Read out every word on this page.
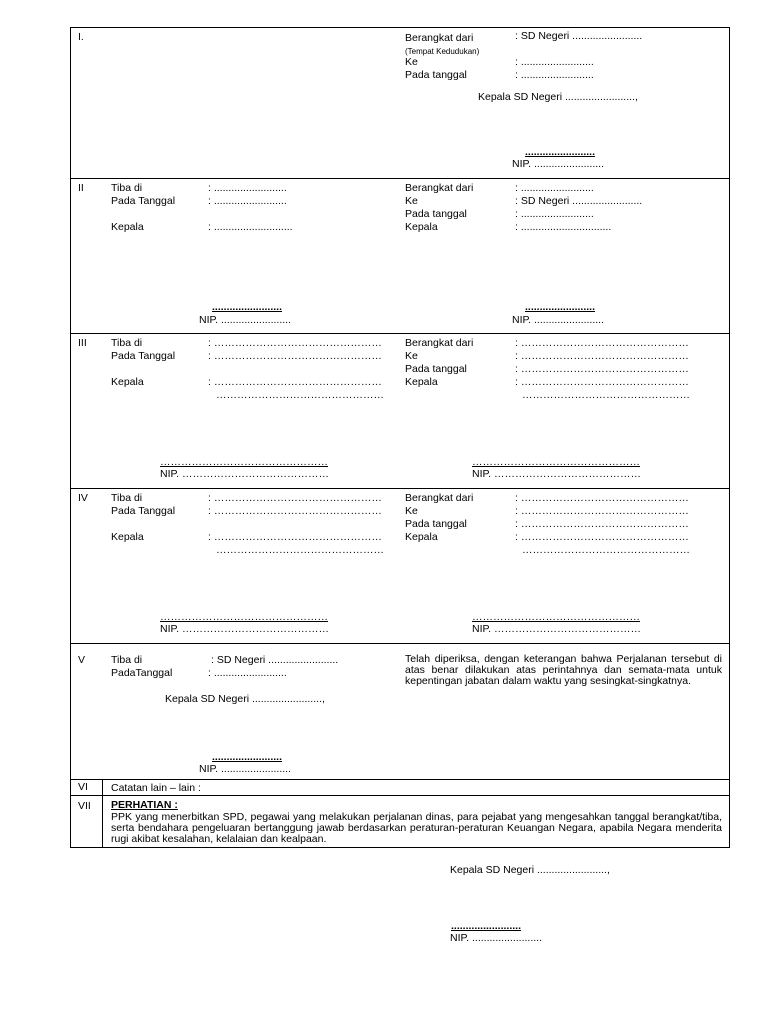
I.	Berangkat dari	: SD Negeri ........................
(Tempat Kedudukan)
Ke	: .........................
Pada tanggal	: .........................
Kepala SD Negeri ........................,
........................
NIP. ........................
II	Tiba di	: .........................
Pada Tanggal	: .........................
Kepala	: ...........................
Berangkat dari	: .........................
Ke	: SD Negeri ........................
Pada tanggal	: .........................
Kepala	: ...............................
........................
NIP. ........................
........................
NIP. ........................
III Tiba di	: …………………………………………
Pada Tanggal	: …………………………………………
Kepala	: …………………………………………
…………………………………………
Berangkat dari	: …………………………………………
Ke	: …………………………………………
Pada tanggal	: …………………………………………
Kepala	: …………………………………………
…………………………………………
…………………………………………
NIP. ……………………………………
…………………………………………
NIP. ……………………………………
IV Tiba di	: …………………………………………
Pada Tanggal	: …………………………………………
Kepala	: …………………………………………
…………………………………………
Berangkat dari	: …………………………………………
Ke	: …………………………………………
Pada tanggal	: …………………………………………
Kepala	: …………………………………………
…………………………………………
…………………………………………
NIP. ……………………………………
…………………………………………
NIP. ……………………………………
V Tiba di	: SD Negeri ........................
PadaTanggal	: .........................
Kepala SD Negeri ........................,
Telah diperiksa, dengan keterangan bahwa Perjalanan tersebut di atas benar dilakukan atas perintahnya dan semata-mata untuk kepentingan jabatan dalam waktu yang sesingkat-singkatnya.
........................
NIP. ........................
VI Catatan lain – lain :
VII PERHATIAN :
PPK yang menerbitkan SPD, pegawai yang melakukan perjalanan dinas, para pejabat yang mengesahkan tanggal berangkat/tiba, serta bendahara pengeluaran bertanggung jawab berdasarkan peraturan-peraturan Keuangan Negara, apabila Negara menderita rugi akibat kesalahan, kelalaian dan kealpaan.
Kepala SD Negeri ........................,
........................
NIP. ........................
